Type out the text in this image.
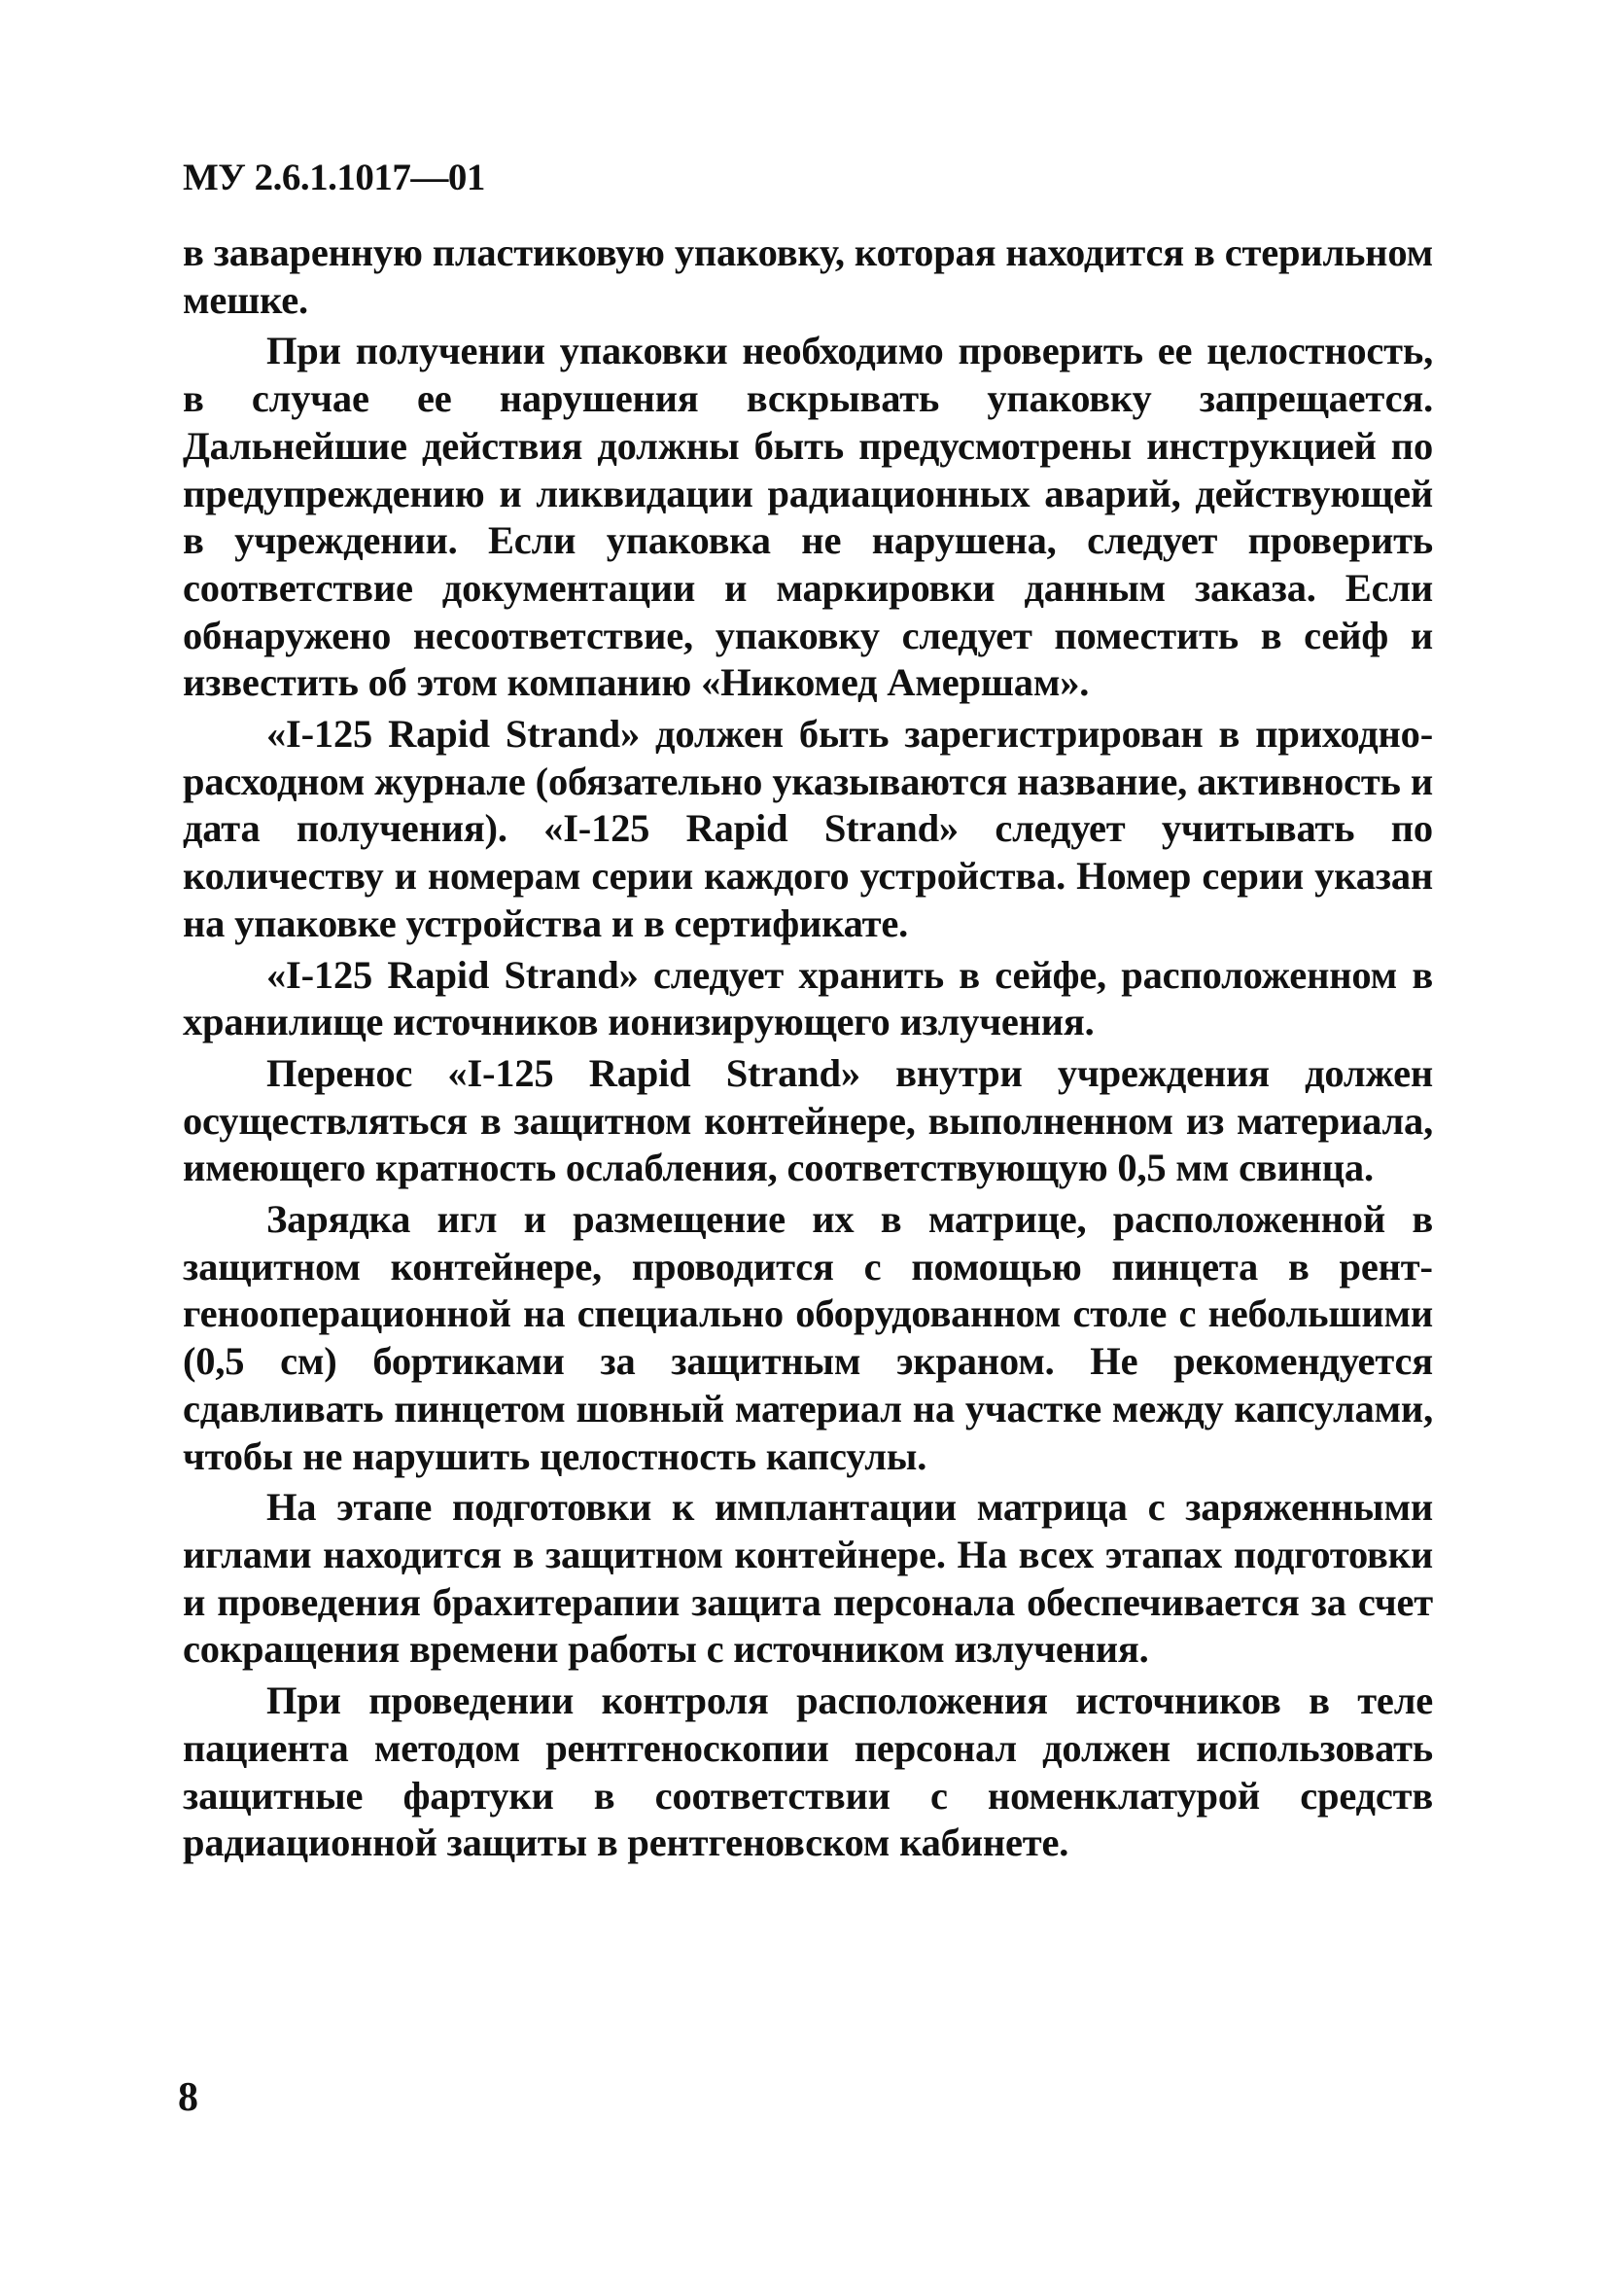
МУ 2.6.1.1017—01

в заваренную пластиковую упаковку, которая находится в стерильном мешке.

При получении упаковки необходимо проверить ее целостность, в случае ее нарушения вскрывать упаковку запрещается. Дальнейшие действия должны быть предусмотрены инструкцией по предупреждению и ликвидации радиационных аварий, действующей в учреждении. Если упаковка не нарушена, следует проверить соответствие документации и маркировки данным заказа. Если обнаружено несоответствие, упаковку следует поместить в сейф и известить об этом компанию «Никомед Амершам».

«I-125 Rapid Strand» должен быть зарегистрирован в приходно-расходном журнале (обязательно указываются название, активность и дата получения). «I-125 Rapid Strand» следует учитывать по количеству и номерам серии каждого устройства. Номер серии указан на упаковке устройства и в сертификате.

«I-125 Rapid Strand» следует хранить в сейфе, расположенном в хранилище источников ионизирующего излучения.

Перенос «I-125 Rapid Strand» внутри учреждения должен осуществляться в защитном контейнере, выполненном из материала, имеющего кратность ослабления, соответствующую 0,5 мм свинца.

Зарядка игл и размещение их в матрице, расположенной в защитном контейнере, проводится с помощью пинцета в рентгенооперационной на специально оборудованном столе с небольшими (0,5 см) бортиками за защитным экраном. Не рекомендуется сдавливать пинцетом шовный материал на участке между капсулами, чтобы не нарушить целостность капсулы.

На этапе подготовки к имплантации матрица с заряженными иглами находится в защитном контейнере. На всех этапах подготовки и проведения брахитерапии защита персонала обеспечивается за счет сокращения времени работы с источником излучения.

При проведении контроля расположения источников в теле пациента методом рентгеноскопии персонал должен использовать защитные фартуки в соответствии с номенклатурой средств радиационной защиты в рентгеновском кабинете.

8
